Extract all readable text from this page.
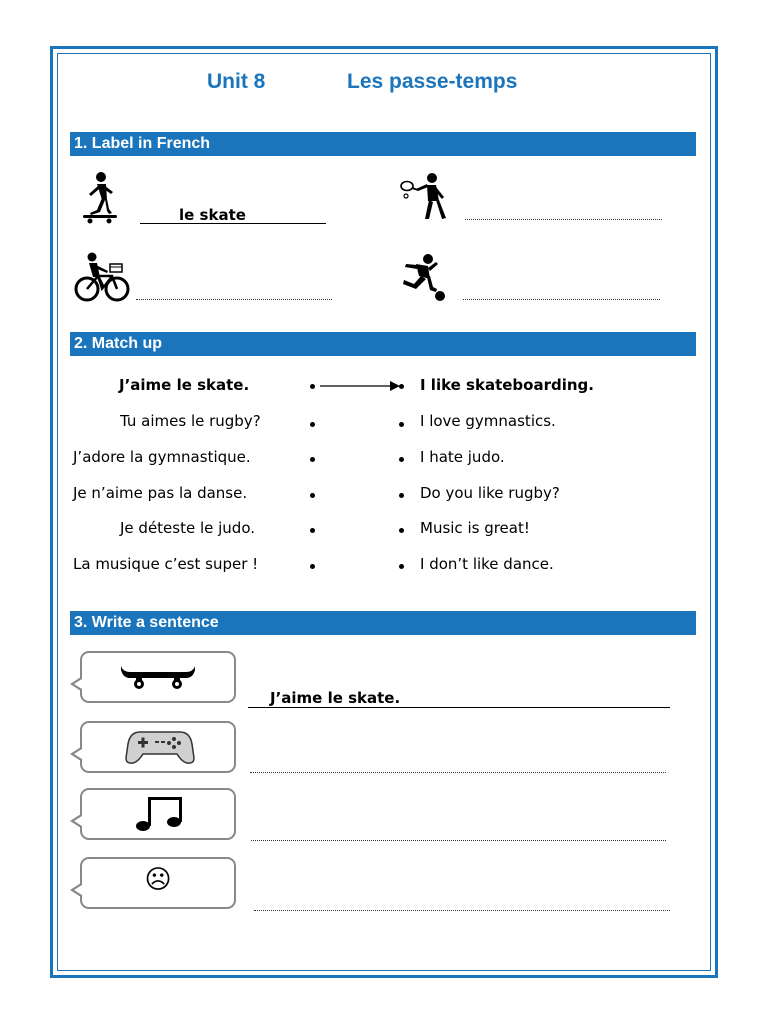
Unit 8	Les passe-temps
1. Label in French
le skate
2. Match up
J’aime le skate.
Tu aimes le rugby?
J’adore la gymnastique.
Je n’aime pas la danse.
Je déteste le judo.
La musique c’est super !
I like skateboarding.
I love gymnastics.
I hate judo.
Do you like rugby?
Music is great!
I don’t like dance.
3. Write a sentence
J’aime le skate.
☹
